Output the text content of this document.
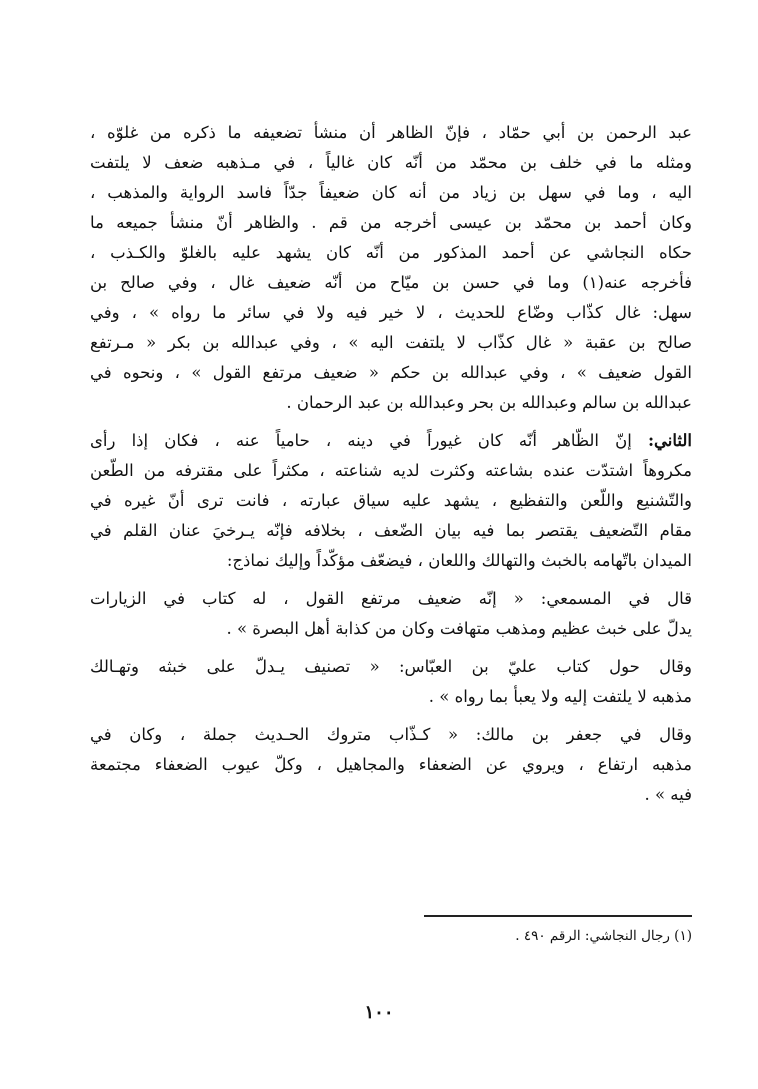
عبد الرحمن بن أبي حمّاد ، فإنّ الظاهر أن منشأ تضعيفه ما ذكره من غلوّه ،
ومثله ما في خلف بن محمّد من أنّه كان غالياً ، في مـذهبه ضعف لا يلتفت
اليه ، وما في سهل بن زياد من أنه كان ضعيفاً جدّاً فاسد الرواية والمذهب ،
وكان أحمد بن محمّد بن عيسى أخرجه من قم . والظاهر أنّ منشأ جميعه ما
حكاه النجاشي عن أحمد المذكور من أنّه كان يشهد عليه بالغلوّ والكـذب ،
فأخرجه عنه(١) وما في حسن بن ميّاح من أنّه ضعيف غال ، وفي صالح بن
سهل: غال كذّاب وضّاع للحديث ، لا خير فيه ولا في سائر ما رواه » ، وفي
صالح بن عقبة « غال كذّاب لا يلتفت اليه » ، وفي عبدالله بن بكر « مـرتفع
القول ضعيف » ، وفي عبدالله بن حكم « ضعيف مرتفع القول » ، ونحوه في
عبدالله بن سالم وعبدالله بن بحر وعبدالله بن عبد الرحمان .
الثاني: إنّ الظّاهر أنّه كان غيوراً في دينه ، حامياً عنه ، فكان إذا رأى
مكروهاً اشتدّت عنده بشاعته وكثرت لديه شناعته ، مكثراً على مقترفه من الطّعن
والتّشنيع واللّعن والتفظيع ، يشهد عليه سياق عبارته ، فانت ترى أنّ غيره في
مقام التّضعيف يقتصر بما فيه بيان الضّعف ، بخلافه فإنّه يـرخيَ عنان القلم في
الميدان باتّهامه بالخبث والتهالك واللعان ، فيضعّف مؤكّداً وإليك نماذج:
قال في المسمعي: « إنّه ضعيف مرتفع القول ، له كتاب في الزيارات
يدلّ على خبث عظيم ومذهب متهافت وكان من كذابة أهل البصرة » .
وقال حول كتاب عليّ بن العبّاس: « تصنيف يـدلّ على خبثه وتهـالك
مذهبه لا يلتفت إليه ولا يعبأ بما رواه » .
وقال في جعفر بن مالك: « كـذّاب متروك الحـديث جملة ، وكان في
مذهبه ارتفاع ، ويروي عن الضعفاء والمجاهيل ، وكلّ عيوب الضعفاء مجتمعة
فيه » .
(١) رجال النجاشي: الرقم ٤٩٠ .
١٠٠
